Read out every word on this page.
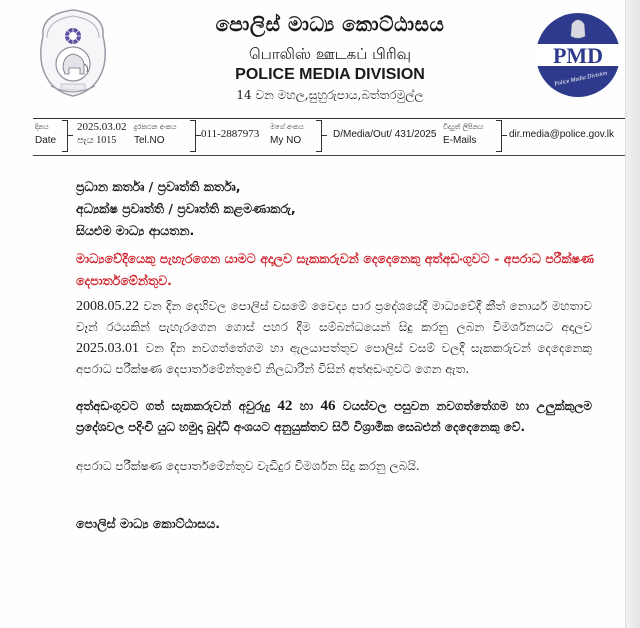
පොලිස් මාධ්‍ය කොට්ඨාසය
பொலிஸ் ஊடகப் பிரிவு
POLICE MEDIA DIVISION
14 වන මහල,සුහුරුපාය,බත්තරමුල්ල
PMD
Police Media Division
දිනය
Date
2025.03.02
පැය 1015
දුරකථන අංකය
Tel.NO
011-2887973
මගේ අංකය
My NO
D/Media/Out/ 431/2025
විද්‍යුත් ලිපිනය
E-Mails
dir.media@police.gov.lk
ප්‍රධාන කර්තෘ / ප්‍රවෘත්ති කර්තෘ,
අධ්‍යක්ෂ ප්‍රවෘත්ති / ප්‍රවෘත්ති කළමණාකරු,
සියළුම මාධ්‍ය ආයතන.
මාධ්‍යවේදියෙකු පැහැරගෙන යාමට අදාලව සැකකරුවන් දෙදෙනෙකු අත්අඩංගුවට - අපරාධ පරීක්ෂණ දෙපාර්තමේන්තුව.
2008.05.22 වන දින දෙහිවල පොලිස් වසමේ වෛද්‍ය පාර ප්‍රදේශයේදී මාධ්‍යවේදී කීත් නොයර් මහතාව වෑන් රථයකින් පැහැරගෙන ගොස් පහර දීම සම්බන්ධයෙන් සිදු කරනු ලබන විමර්ශනයට අදාලව 2025.03.01 වන දින නවගත්තේගම හා ඇලයාපත්තුව පොලිස් වසම් වලදී සැකකරුවන් දෙදෙනෙකු අපරාධ පරීක්ෂණ දෙපාර්තමේන්තුවේ නිලධාරීන් විසින් අත්අඩංගුවට ගෙන ඇත.
අත්අඩංගුවට ගත් සැකකරුවන් අවුරුදු 42 හා 46 වයස්වල පසුවන නවගත්තේගම හා උලුක්කුලම ප්‍රදේශවල පදිංචි යුධ හමුදා බුද්ධි අංශයට අනුයුක්තව සිටි විශ්‍රාමික සෙබළුන් දෙදෙනෙකු වේ.
අපරාධ පරීක්ෂණ දෙපාර්තමේන්තුව වැඩිදුර විමර්ශන සිදු කරනු ලබයි.
පොලිස් මාධ්‍ය කොට්ඨාසය.
